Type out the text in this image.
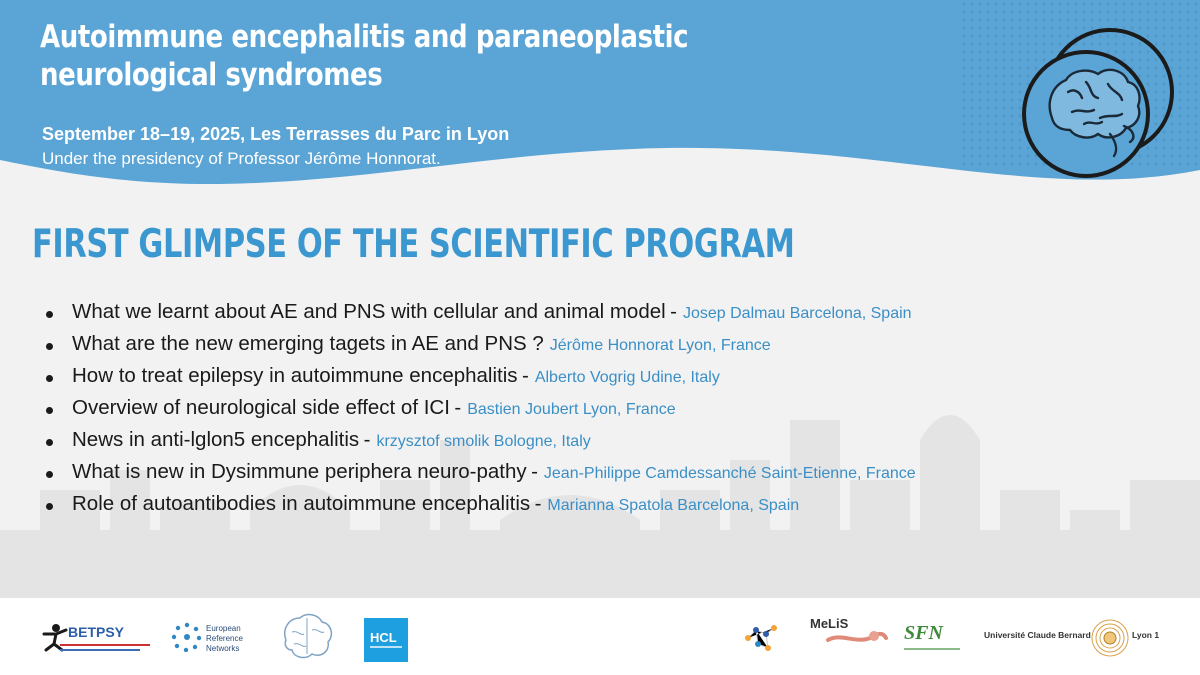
Autoimmune encephalitis and paraneoplastic neurological syndromes
September 18–19, 2025, Les Terrasses du Parc in Lyon
Under the presidency of Professor Jérôme Honnorat.
FIRST GLIMPSE OF THE SCIENTIFIC PROGRAM
What we learnt about AE and PNS with cellular and animal model - Josep Dalmau Barcelona, Spain
What are the new emerging tagets in AE and PNS ? Jérôme Honnorat Lyon, France
How to treat epilepsy in autoimmune encephalitis - Alberto Vogrig Udine, Italy
Overview of neurological side effect of ICI - Bastien Joubert Lyon, France
News in anti-lglon5 encephalitis - krzysztof smolik Bologne, Italy
What is new in Dysimmune periphera neuro-pathy - Jean-Philippe Camdessanché Saint-Etienne, France
Role of autoantibodies in autoimmune encephalitis - Marianna Spatola Barcelona, Spain
BETPSY	European Reference Networks
HCL
MeLiS	SFN	Université Claude Bernard	Lyon 1
